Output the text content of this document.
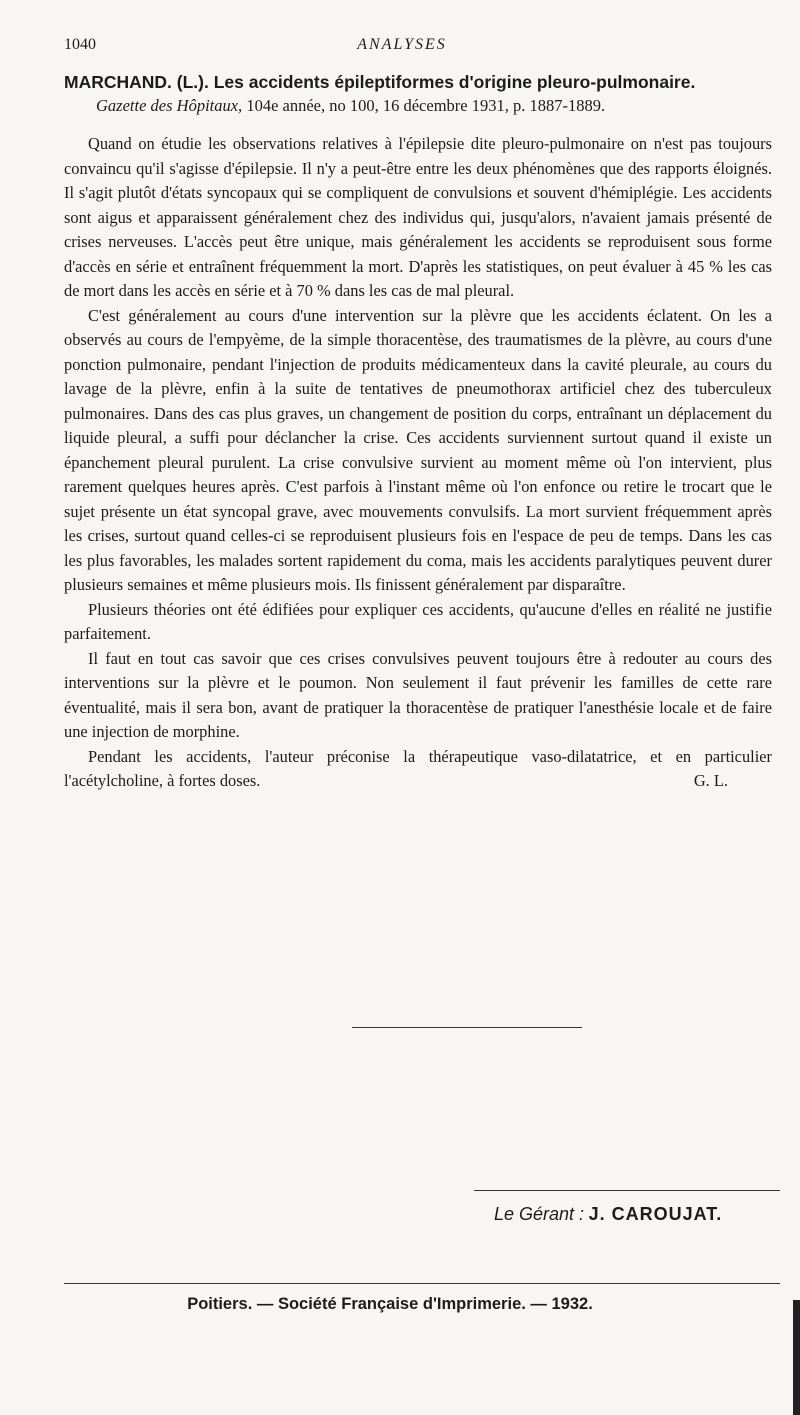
1040	ANALYSES

MARCHAND. (L.). Les accidents épileptiformes d'origine pleuro-pulmonaire.

Gazette des Hôpitaux, 104e année, no 100, 16 décembre 1931, p. 1887-1889.

Quand on étudie les observations relatives à l'épilepsie dite pleuro-pulmonaire on n'est pas toujours convaincu qu'il s'agisse d'épilepsie. Il n'y a peut-être entre les deux phénomènes que des rapports éloignés. Il s'agit plutôt d'états syncopaux qui se compliquent de convulsions et souvent d'hémiplégie. Les accidents sont aigus et apparaissent généralement chez des individus qui, jusqu'alors, n'avaient jamais présenté de crises nerveuses. L'accès peut être unique, mais généralement les accidents se reproduisent sous forme d'accès en série et entraînent fréquemment la mort. D'après les statistiques, on peut évaluer à 45 % les cas de mort dans les accès en série et à 70 % dans les cas de mal pleural.

C'est généralement au cours d'une intervention sur la plèvre que les accidents éclatent. On les a observés au cours de l'empyème, de la simple thoracentèse, des traumatismes de la plèvre, au cours d'une ponction pulmonaire, pendant l'injection de produits médicamenteux dans la cavité pleurale, au cours du lavage de la plèvre, enfin à la suite de tentatives de pneumothorax artificiel chez des tuberculeux pulmonaires. Dans des cas plus graves, un changement de position du corps, entraînant un déplacement du liquide pleural, a suffi pour déclancher la crise. Ces accidents surviennent surtout quand il existe un épanchement pleural purulent. La crise convulsive survient au moment même où l'on intervient, plus rarement quelques heures après. C'est parfois à l'instant même où l'on enfonce ou retire le trocart que le sujet présente un état syncopal grave, avec mouvements convulsifs. La mort survient fréquemment après les crises, surtout quand celles-ci se reproduisent plusieurs fois en l'espace de peu de temps. Dans les cas les plus favorables, les malades sortent rapidement du coma, mais les accidents paralytiques peuvent durer plusieurs semaines et même plusieurs mois. Ils finissent généralement par disparaître.

Plusieurs théories ont été édifiées pour expliquer ces accidents, qu'aucune d'elles en réalité ne justifie parfaitement.

Il faut en tout cas savoir que ces crises convulsives peuvent toujours être à redouter au cours des interventions sur la plèvre et le poumon. Non seulement il faut prévenir les familles de cette rare éventualité, mais il sera bon, avant de pratiquer la thoracentèse de pratiquer l'anesthésie locale et de faire une injection de morphine.

Pendant les accidents, l'auteur préconise la thérapeutique vaso-dilatatrice, et en particulier l'acétylcholine, à fortes doses.	G. L.

Le Gérant : J. CAROUJAT.
Poitiers. — Société Française d'Imprimerie. — 1932.
